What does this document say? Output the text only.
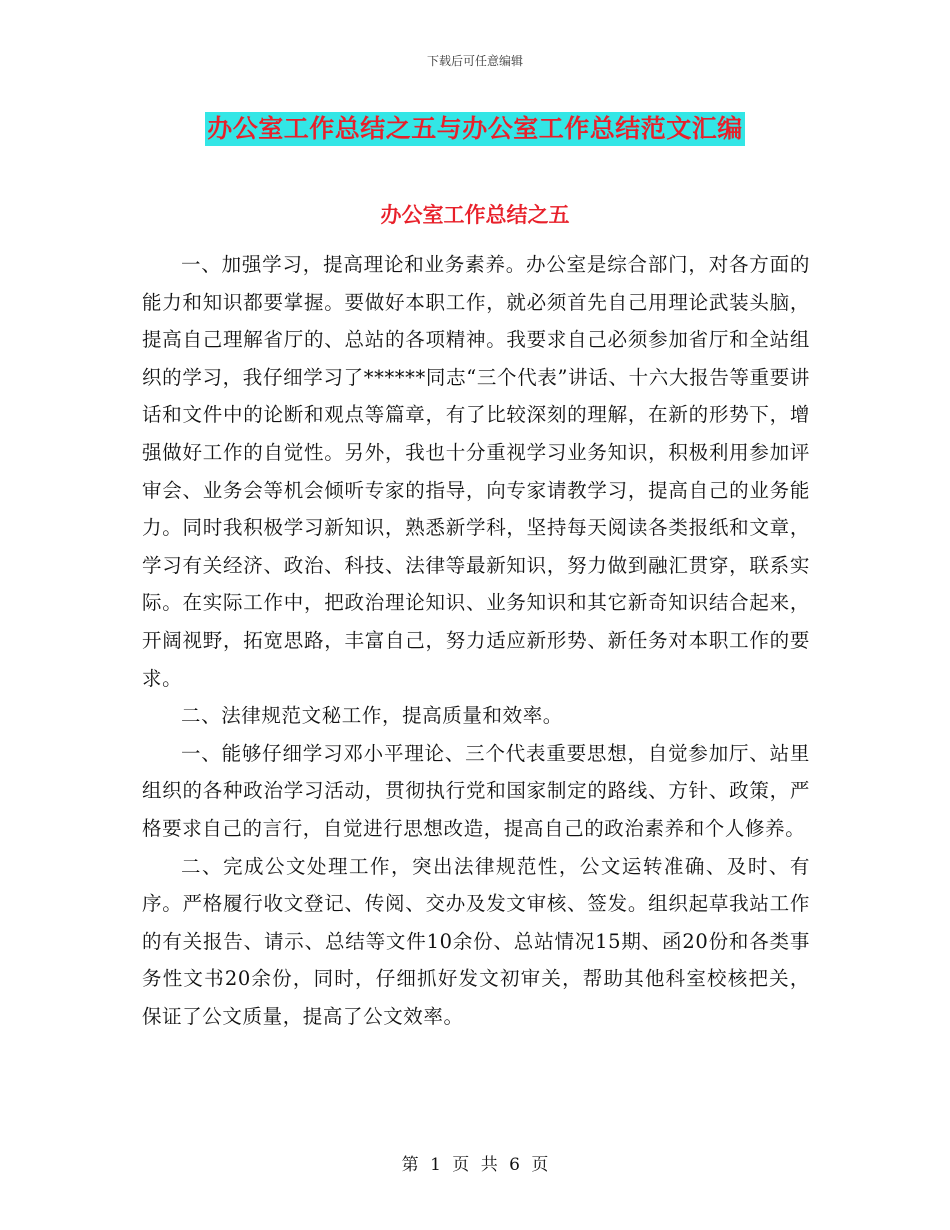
下载后可任意编辑
办公室工作总结之五与办公室工作总结范文汇编
办公室工作总结之五

一、加强学习，提高理论和业务素养。办公室是综合部门，对各方面的能力和知识都要掌握。要做好本职工作，就必须首先自己用理论武装头脑，提高自己理解省厅的、总站的各项精神。我要求自己必须参加省厅和全站组织的学习，我仔细学习了******同志“三个代表”讲话、十六大报告等重要讲话和文件中的论断和观点等篇章，有了比较深刻的理解，在新的形势下，增强做好工作的自觉性。另外，我也十分重视学习业务知识，积极利用参加评审会、业务会等机会倾听专家的指导，向专家请教学习，提高自己的业务能力。同时我积极学习新知识，熟悉新学科，坚持每天阅读各类报纸和文章，学习有关经济、政治、科技、法律等最新知识，努力做到融汇贯穿，联系实际。在实际工作中，把政治理论知识、业务知识和其它新奇知识结合起来，开阔视野，拓宽思路，丰富自己，努力适应新形势、新任务对本职工作的要求。

二、法律规范文秘工作，提高质量和效率。

一、能够仔细学习邓小平理论、三个代表重要思想，自觉参加厅、站里组织的各种政治学习活动，贯彻执行党和国家制定的路线、方针、政策，严格要求自己的言行，自觉进行思想改造，提高自己的政治素养和个人修养。

二、完成公文处理工作，突出法律规范性，公文运转准确、及时、有序。严格履行收文登记、传阅、交办及发文审核、签发。组织起草我站工作的有关报告、请示、总结等文件10余份、总站情况15期、函20份和各类事务性文书20余份，同时，仔细抓好发文初审关，帮助其他科室校核把关，保证了公文质量，提高了公文效率。

第 1 页 共 6 页
